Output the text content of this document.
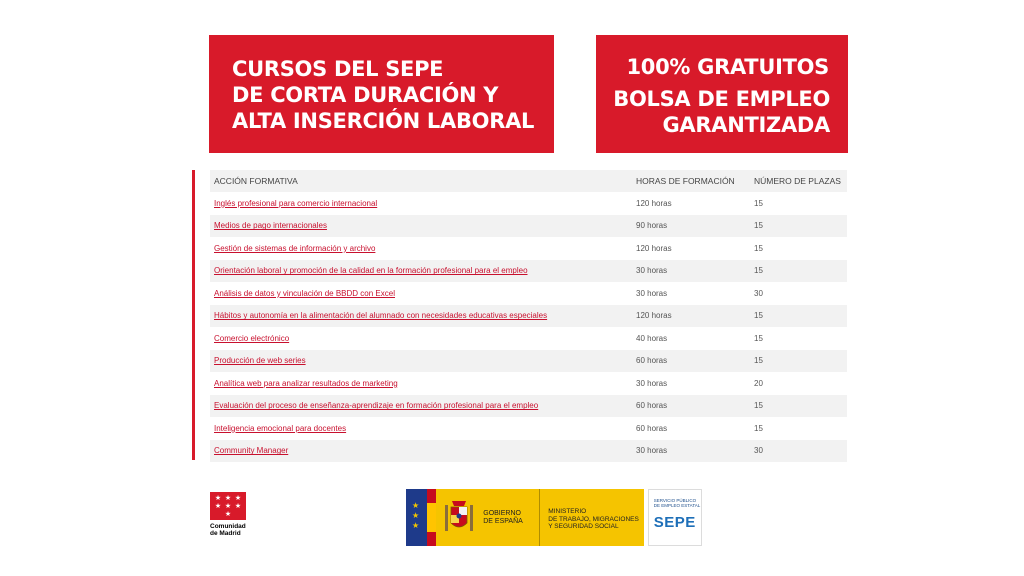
CURSOS DEL SEPE
DE CORTA DURACIÓN Y
ALTA INSERCIÓN LABORAL
100% GRATUITOS
BOLSA DE EMPLEO
GARANTIZADA
ACCIÓN FORMATIVA	HORAS DE FORMACIÓN	NÚMERO DE PLAZAS
Inglés profesional para comercio internacional	120 horas	15
Medios de pago internacionales	90 horas	15
Gestión de sistemas de información y archivo	120 horas	15
Orientación laboral y promoción de la calidad en la formación profesional para el empleo	30 horas	15
Análisis de datos y vinculación de BBDD con Excel	30 horas	30
Hábitos y autonomía en la alimentación del alumnado con necesidades educativas especiales	120 horas	15
Comercio electrónico	40 horas	15
Producción de web series	60 horas	15
Analítica web para analizar resultados de marketing	30 horas	20
Evaluación del proceso de enseñanza-aprendizaje en formación profesional para el empleo	60 horas	15
Inteligencia emocional para docentes	60 horas	15
Community Manager	30 horas	30
★ ★ ★
★ ★ ★
★
Comunidad
de Madrid
★
★
★
GOBIERNO
DE ESPAÑA
MINISTERIO
DE TRABAJO, MIGRACIONES
Y SEGURIDAD SOCIAL
SERVICIO PÚBLICO
DE EMPLEO ESTATAL
SEPE
